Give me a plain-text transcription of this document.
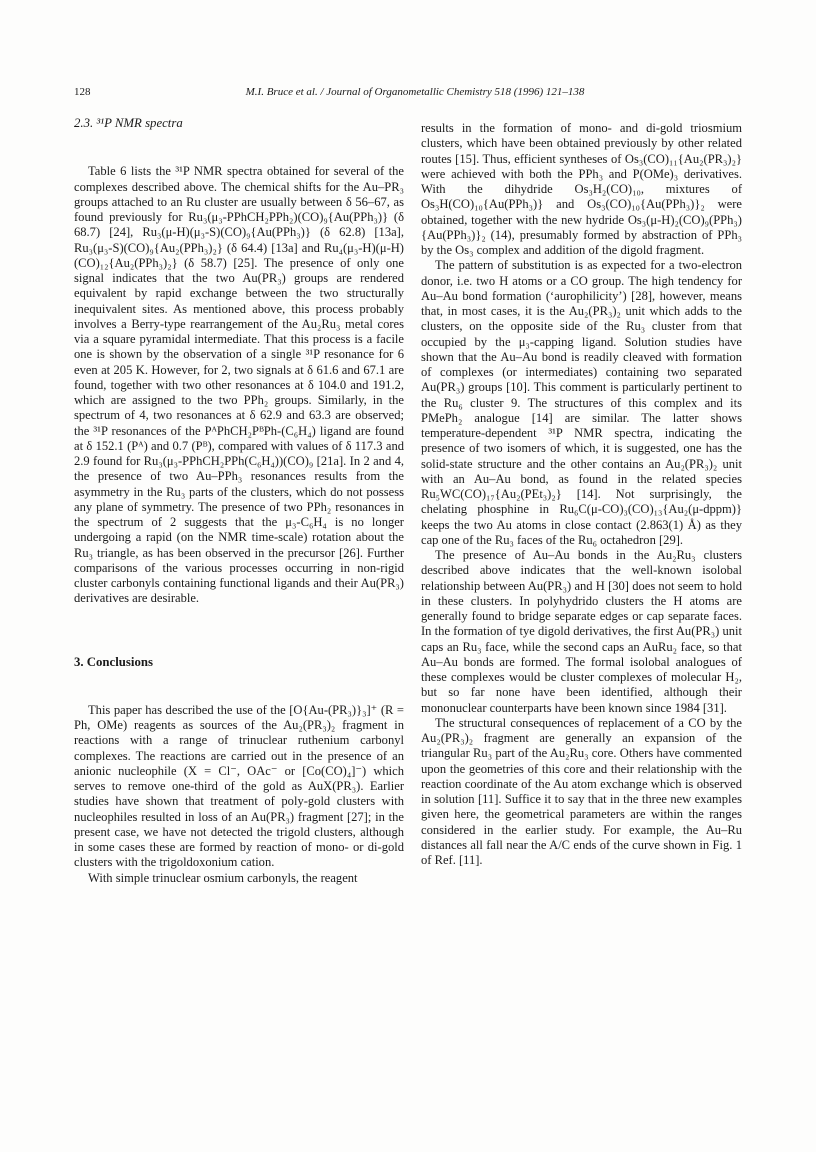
128	M.I. Bruce et al. / Journal of Organometallic Chemistry 518 (1996) 121–138
2.3. ³¹P NMR spectra

Table 6 lists the ³¹P NMR spectra obtained for several of the complexes described above. The chemical shifts for the Au–PR₃ groups attached to an Ru cluster are usually between δ 56–67, as found previously for Ru₃(μ₃-PPhCH₂PPh₂)(CO)₉{Au(PPh₃)} (δ 68.7) [24], Ru₃(μ-H)(μ₃-S)(CO)₉{Au(PPh₃)} (δ 62.8) [13a], Ru₃(μ₃-S)(CO)₉{Au₂(PPh₃)₂} (δ 64.4) [13a] and Ru₄(μ₃-H)(μ-H)(CO)₁₂{Au₂(PPh₃)₂} (δ 58.7) [25]. The presence of only one signal indicates that the two Au(PR₃) groups are rendered equivalent by rapid exchange between the two structurally inequivalent sites. As mentioned above, this process probably involves a Berry-type rearrangement of the Au₂Ru₃ metal cores via a square pyramidal intermediate. That this process is a facile one is shown by the observation of a single ³¹P resonance for 6 even at 205 K. However, for 2, two signals at δ 61.6 and 67.1 are found, together with two other resonances at δ 104.0 and 191.2, which are assigned to the two PPh₂ groups. Similarly, in the spectrum of 4, two resonances at δ 62.9 and 63.3 are observed; the ³¹P resonances of the PᴬPhCH₂PᴮPh-(C₆H₄) ligand are found at δ 152.1 (Pᴬ) and 0.7 (Pᴮ), compared with values of δ 117.3 and 2.9 found for Ru₃(μ₃-PPhCH₂PPh(C₆H₄))(CO)₉ [21a]. In 2 and 4, the presence of two Au–PPh₃ resonances results from the asymmetry in the Ru₃ parts of the clusters, which do not possess any plane of symmetry. The presence of two PPh₂ resonances in the spectrum of 2 suggests that the μ₃-C₆H₄ is no longer undergoing a rapid (on the NMR time-scale) rotation about the Ru₃ triangle, as has been observed in the precursor [26]. Further comparisons of the various processes occurring in non-rigid cluster carbonyls containing functional ligands and their Au(PR₃) derivatives are desirable.

3. Conclusions

This paper has described the use of the [O{Au-(PR₃)}₃]⁺ (R = Ph, OMe) reagents as sources of the Au₂(PR₃)₂ fragment in reactions with a range of trinuclear ruthenium carbonyl complexes. The reactions are carried out in the presence of an anionic nucleophile (X = Cl⁻, OAc⁻ or [Co(CO)₄]⁻) which serves to remove one-third of the gold as AuX(PR₃). Earlier studies have shown that treatment of poly-gold clusters with nucleophiles resulted in loss of an Au(PR₃) fragment [27]; in the present case, we have not detected the trigold clusters, although in some cases these are formed by reaction of mono- or di-gold clusters with the trigoldoxonium cation.

With simple trinuclear osmium carbonyls, the reagent

results in the formation of mono- and di-gold triosmium clusters, which have been obtained previously by other related routes [15]. Thus, efficient syntheses of Os₃(CO)₁₁{Au₂(PR₃)₂} were achieved with both the PPh₃ and P(OMe)₃ derivatives. With the dihydride Os₃H₂(CO)₁₀, mixtures of Os₃H(CO)₁₀{Au(PPh₃)} and Os₃(CO)₁₀{Au(PPh₃)}₂ were obtained, together with the new hydride Os₃(μ-H)₂(CO)₉(PPh₃){Au(PPh₃)}₂ (14), presumably formed by abstraction of PPh₃ by the Os₃ complex and addition of the digold fragment.

The pattern of substitution is as expected for a two-electron donor, i.e. two H atoms or a CO group. The high tendency for Au–Au bond formation (‘aurophilicity’) [28], however, means that, in most cases, it is the Au₂(PR₃)₂ unit which adds to the clusters, on the opposite side of the Ru₃ cluster from that occupied by the μ₃-capping ligand. Solution studies have shown that the Au–Au bond is readily cleaved with formation of complexes (or intermediates) containing two separated Au(PR₃) groups [10]. This comment is particularly pertinent to the Ru₆ cluster 9. The structures of this complex and its PMePh₂ analogue [14] are similar. The latter shows temperature-dependent ³¹P NMR spectra, indicating the presence of two isomers of which, it is suggested, one has the solid-state structure and the other contains an Au₂(PR₃)₂ unit with an Au–Au bond, as found in the related species Ru₅WC(CO)₁₇{Au₂(PEt₃)₂} [14]. Not surprisingly, the chelating phosphine in Ru₆C(μ-CO)₃(CO)₁₃{Au₂(μ-dppm)} keeps the two Au atoms in close contact (2.863(1) Å) as they cap one of the Ru₃ faces of the Ru₆ octahedron [29].

The presence of Au–Au bonds in the Au₂Ru₃ clusters described above indicates that the well-known isolobal relationship between Au(PR₃) and H [30] does not seem to hold in these clusters. In polyhydrido clusters the H atoms are generally found to bridge separate edges or cap separate faces. In the formation of tye digold derivatives, the first Au(PR₃) unit caps an Ru₃ face, while the second caps an AuRu₂ face, so that Au–Au bonds are formed. The formal isolobal analogues of these complexes would be cluster complexes of molecular H₂, but so far none have been identified, although their mononuclear counterparts have been known since 1984 [31].

The structural consequences of replacement of a CO by the Au₂(PR₃)₂ fragment are generally an expansion of the triangular Ru₃ part of the Au₂Ru₃ core. Others have commented upon the geometries of this core and their relationship with the reaction coordinate of the Au atom exchange which is observed in solution [11]. Suffice it to say that in the three new examples given here, the geometrical parameters are within the ranges considered in the earlier study. For example, the Au–Ru distances all fall near the A/C ends of the curve shown in Fig. 1 of Ref. [11].
